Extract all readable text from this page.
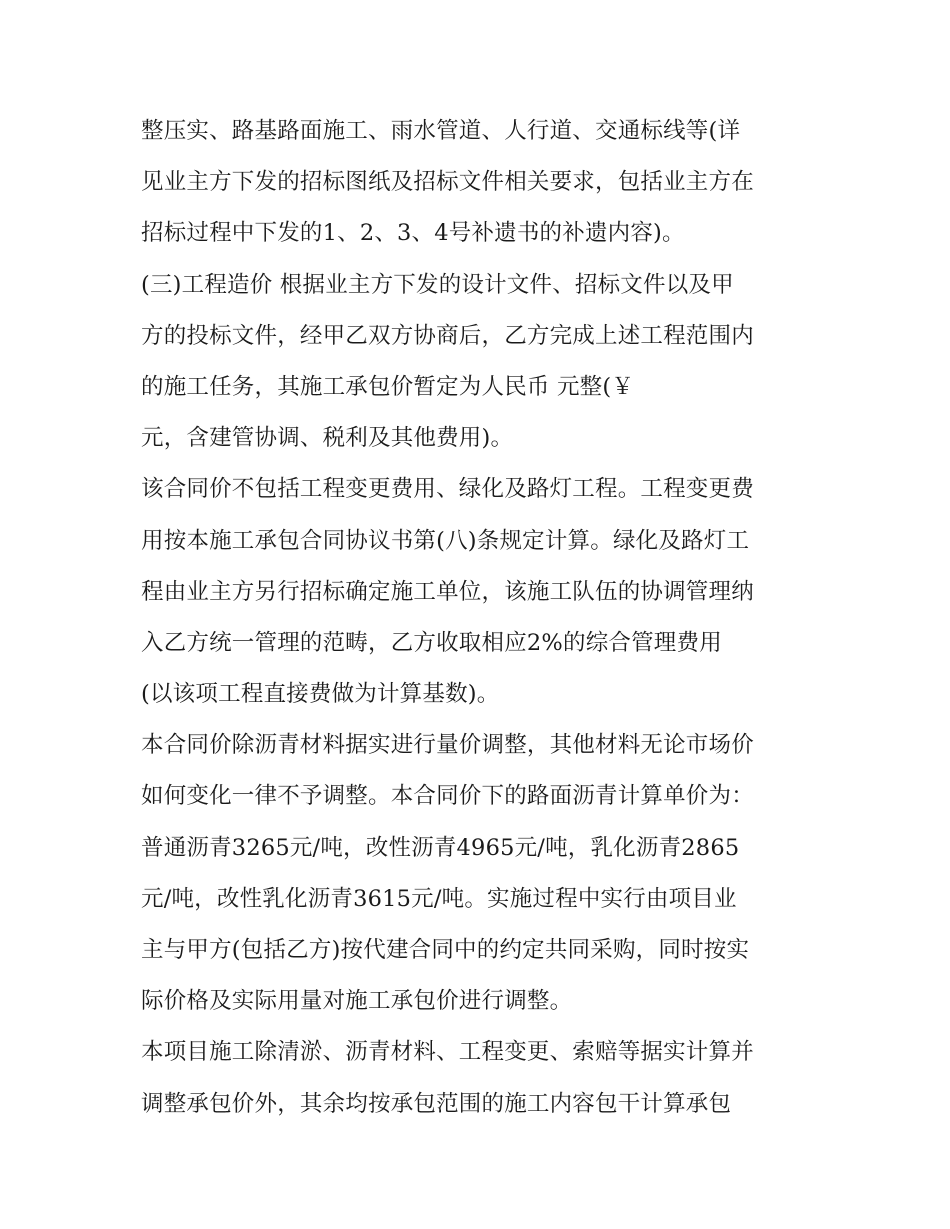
整压实、路基路面施工、雨水管道、人行道、交通标线等(详
见业主方下发的招标图纸及招标文件相关要求，包括业主方在
招标过程中下发的1、2、3、4号补遗书的补遗内容)。
(三)工程造价 根据业主方下发的设计文件、招标文件以及甲
方的投标文件，经甲乙双方协商后，乙方完成上述工程范围内
的施工任务，其施工承包价暂定为人民币 元整(￥
元，含建管协调、税利及其他费用)。
该合同价不包括工程变更费用、绿化及路灯工程。工程变更费
用按本施工承包合同协议书第(八)条规定计算。绿化及路灯工
程由业主方另行招标确定施工单位，该施工队伍的协调管理纳
入乙方统一管理的范畴，乙方收取相应2%的综合管理费用
(以该项工程直接费做为计算基数)。
本合同价除沥青材料据实进行量价调整，其他材料无论市场价
如何变化一律不予调整。本合同价下的路面沥青计算单价为：
普通沥青3265元/吨，改性沥青4965元/吨，乳化沥青2865
元/吨，改性乳化沥青3615元/吨。实施过程中实行由项目业
主与甲方(包括乙方)按代建合同中的约定共同采购，同时按实
际价格及实际用量对施工承包价进行调整。
本项目施工除清淤、沥青材料、工程变更、索赔等据实计算并
调整承包价外，其余均按承包范围的施工内容包干计算承包
